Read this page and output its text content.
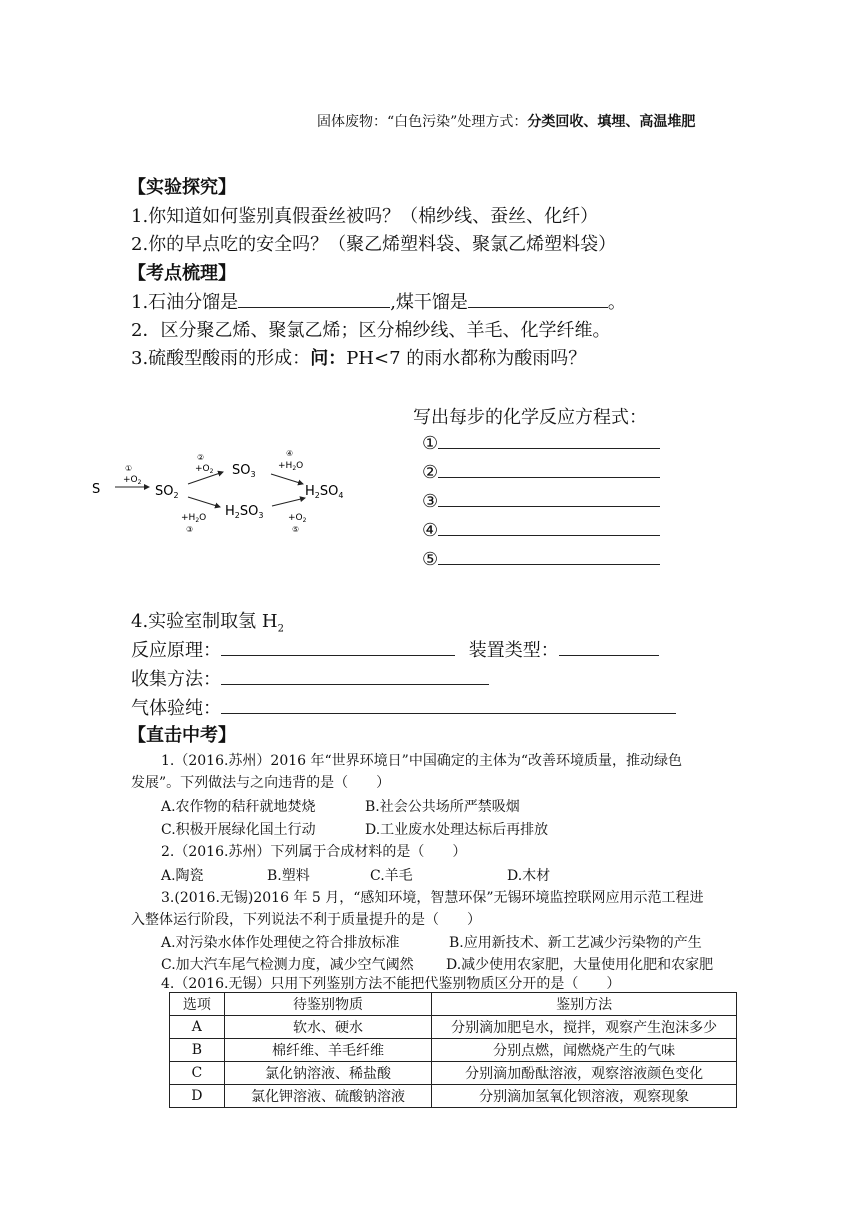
固体废物：“白色污染”处理方式：分类回收、填埋、高温堆肥
【实验探究】
1.你知道如何鉴别真假蚕丝被吗？（棉纱线、蚕丝、化纤）
2.你的早点吃的安全吗？（聚乙烯塑料袋、聚氯乙烯塑料袋）
【考点梳理】
1.石油分馏是	,煤干馏是	。
2．区分聚乙烯、聚氯乙烯；区分棉纱线、羊毛、化学纤维。
3.硫酸型酸雨的形成：问：PH<7 的雨水都称为酸雨吗？
写出每步的化学反应方程式：
①
②
③
④
⑤
S
①
$+O_2$
$SO_2$
②
$+O_2$ $SO_3$
④
$+H_2O$
$H_2SO_4$
$+H_2O$
③
$H_2SO_3$	$+O_2$
⑤
4.实验室制取氢 $H_2$
反应原理：	装置类型：
收集方法：
气体验纯：
【直击中考】
1.（2016.苏州）2016 年“世界环境日”中国确定的主体为“改善环境质量，推动绿色
发展”。下列做法与之向违背的是（　　）
A.农作物的秸秆就地焚烧	B.社会公共场所严禁吸烟
C.积极开展绿化国土行动	D.工业废水处理达标后再排放
2.（2016.苏州）下列属于合成材料的是（　　）
A.陶瓷	B.塑料	C.羊毛	D.木材
3.(2016.无锡)2016 年 5 月，“感知环境，智慧环保”无锡环境监控联网应用示范工程进
入整体运行阶段，下列说法不利于质量提升的是（　　）
A.对污染水体作处理使之符合排放标准	B.应用新技术、新工艺减少污染物的产生
C.加大汽车尾气检测力度，减少空气阈然 D.减少使用农家肥，大量使用化肥和农家肥
4.（2016.无锡）只用下列鉴别方法不能把代鉴别物质区分开的是（　　）
选项	待鉴别物质	鉴别方法
A	软水、硬水	分别滴加肥皂水，搅拌，观察产生泡沫多少
B	棉纤维、羊毛纤维	分别点燃，闻燃烧产生的气味
C	氯化钠溶液、稀盐酸	分别滴加酚酞溶液，观察溶液颜色变化
D	氯化钾溶液、硫酸钠溶液	分别滴加氢氧化钡溶液，观察现象
